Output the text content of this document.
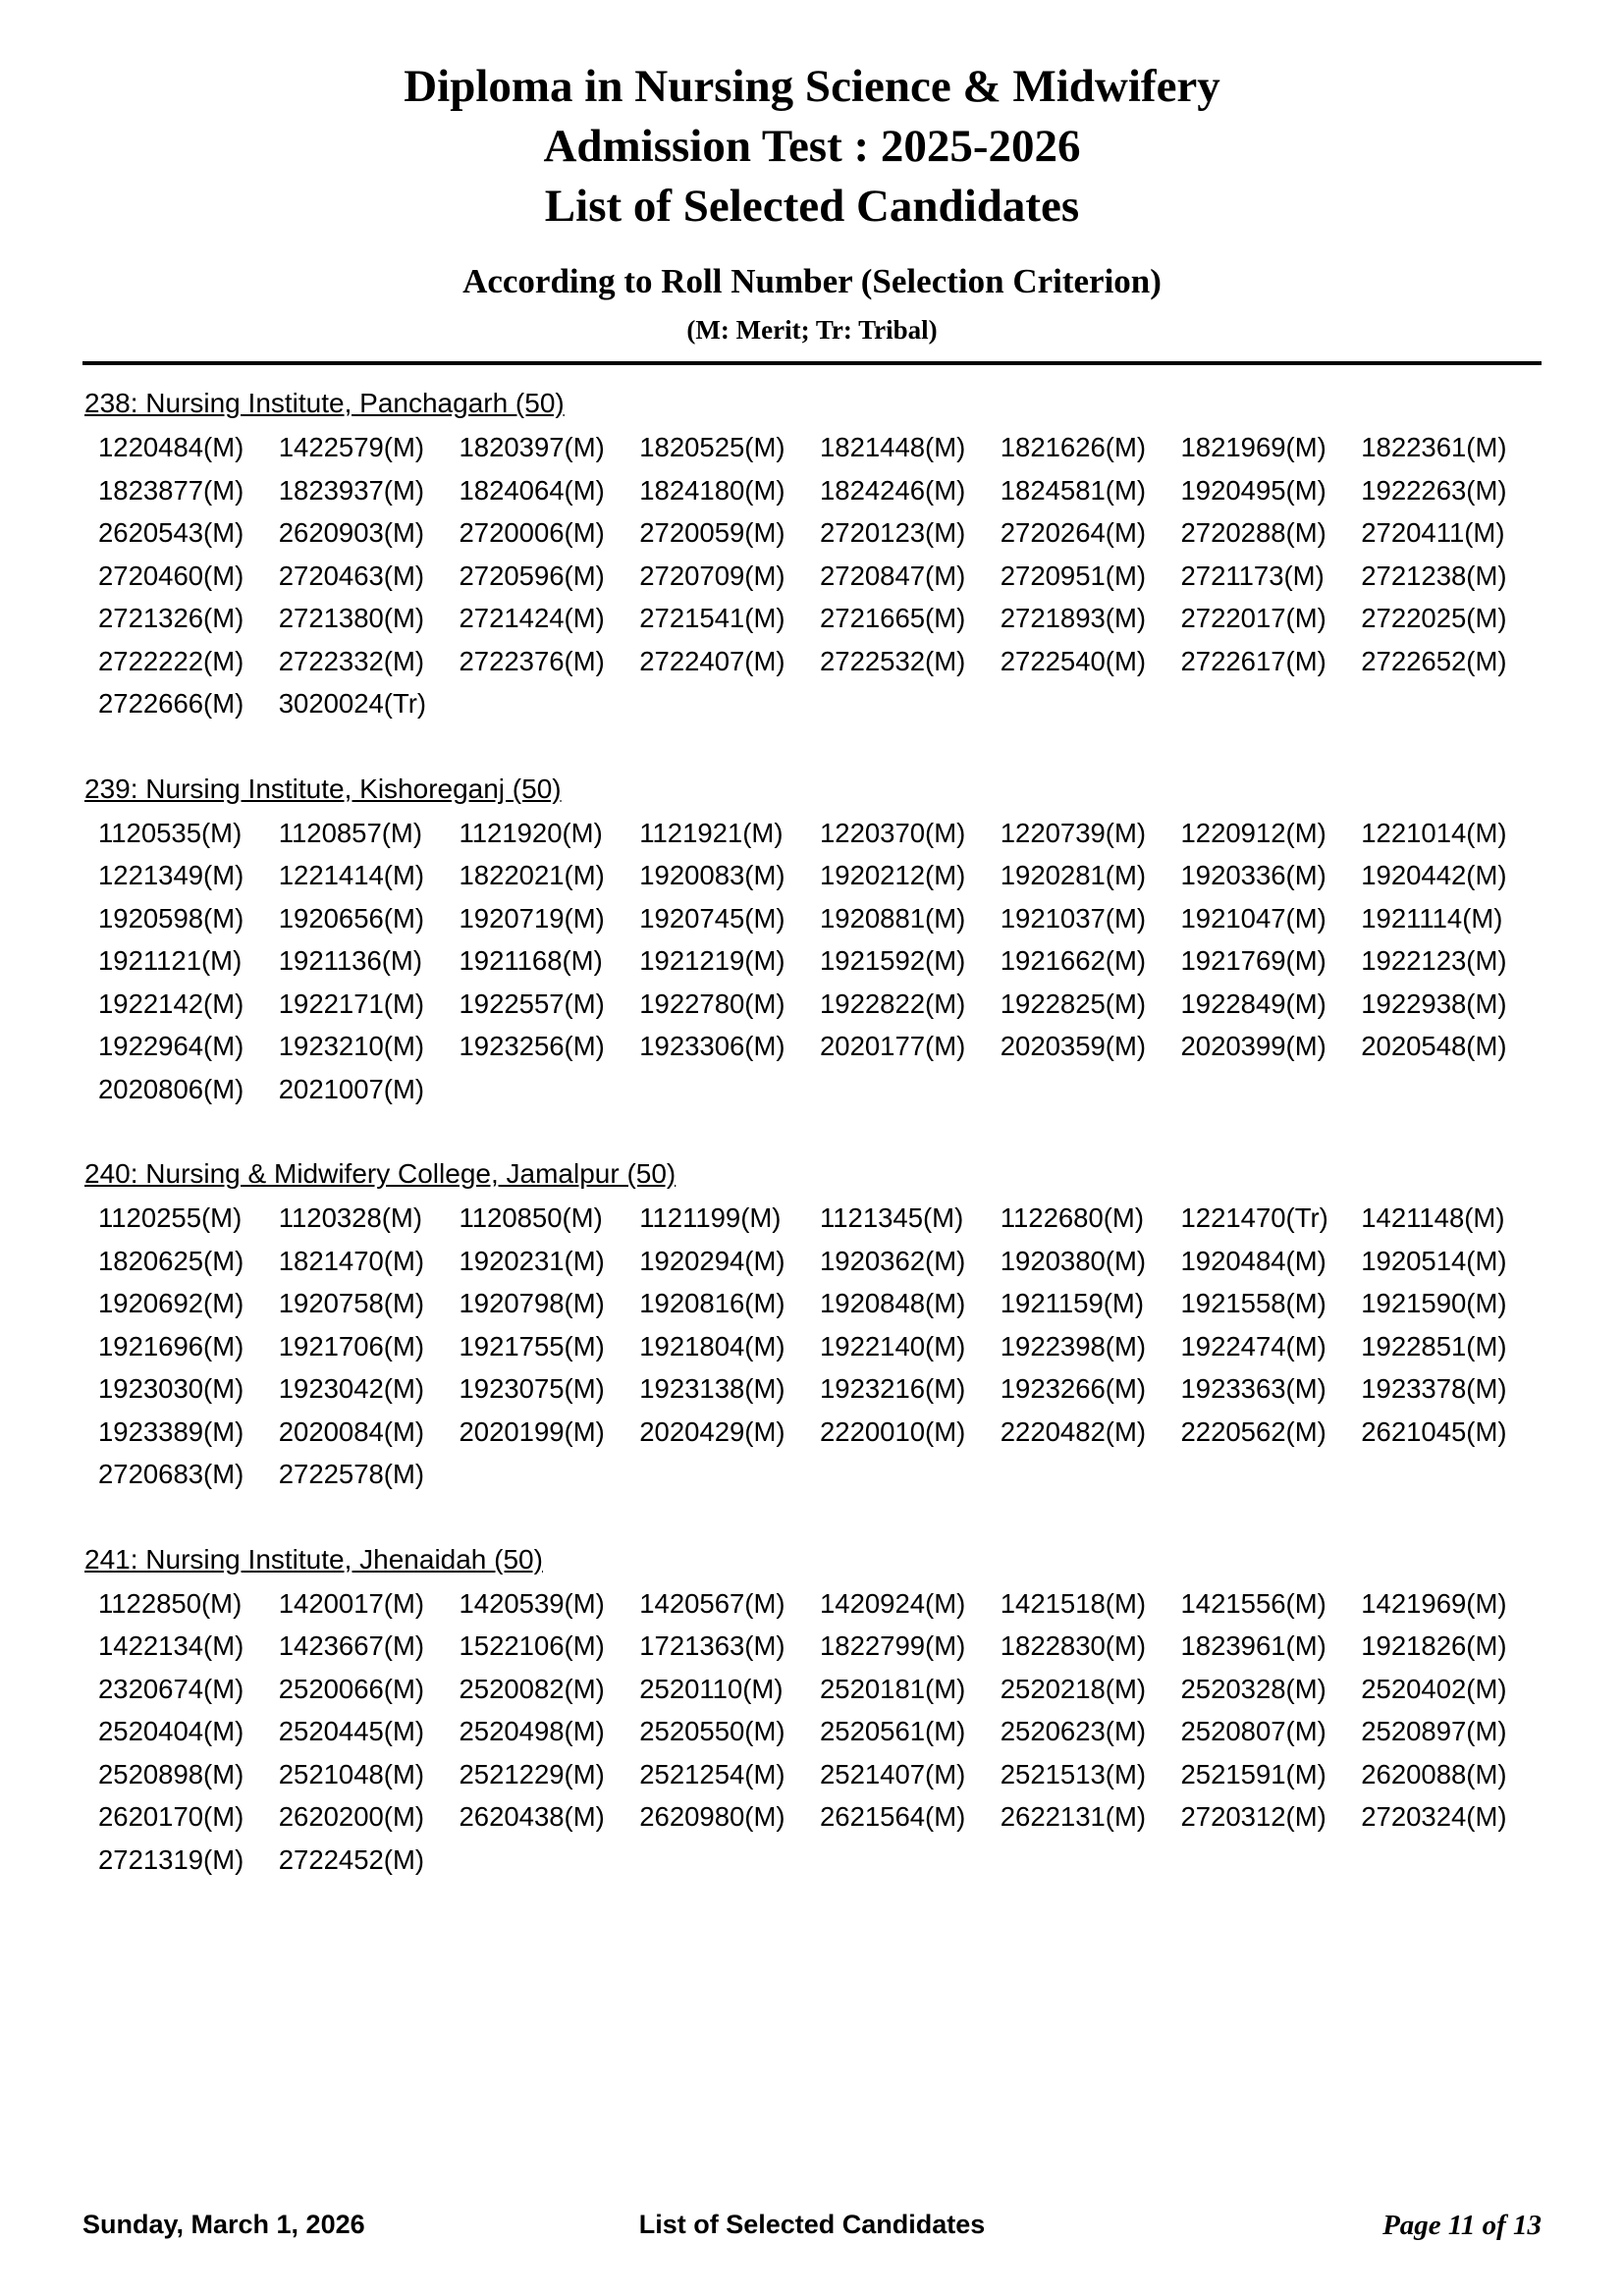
Diploma in Nursing Science & Midwifery
Admission Test : 2025-2026
List of Selected Candidates
According to Roll Number (Selection Criterion)
(M: Merit; Tr: Tribal)
238: Nursing Institute, Panchagarh (50)
1220484(M)	1422579(M)	1820397(M)	1820525(M)	1821448(M)	1821626(M)	1821969(M)	1822361(M)
1823877(M)	1823937(M)	1824064(M)	1824180(M)	1824246(M)	1824581(M)	1920495(M)	1922263(M)
2620543(M)	2620903(M)	2720006(M)	2720059(M)	2720123(M)	2720264(M)	2720288(M)	2720411(M)
2720460(M)	2720463(M)	2720596(M)	2720709(M)	2720847(M)	2720951(M)	2721173(M)	2721238(M)
2721326(M)	2721380(M)	2721424(M)	2721541(M)	2721665(M)	2721893(M)	2722017(M)	2722025(M)
2722222(M)	2722332(M)	2722376(M)	2722407(M)	2722532(M)	2722540(M)	2722617(M)	2722652(M)
2722666(M)	3020024(Tr)
239: Nursing Institute, Kishoreganj (50)
1120535(M)	1120857(M)	1121920(M)	1121921(M)	1220370(M)	1220739(M)	1220912(M)	1221014(M)
1221349(M)	1221414(M)	1822021(M)	1920083(M)	1920212(M)	1920281(M)	1920336(M)	1920442(M)
1920598(M)	1920656(M)	1920719(M)	1920745(M)	1920881(M)	1921037(M)	1921047(M)	1921114(M)
1921121(M)	1921136(M)	1921168(M)	1921219(M)	1921592(M)	1921662(M)	1921769(M)	1922123(M)
1922142(M)	1922171(M)	1922557(M)	1922780(M)	1922822(M)	1922825(M)	1922849(M)	1922938(M)
1922964(M)	1923210(M)	1923256(M)	1923306(M)	2020177(M)	2020359(M)	2020399(M)	2020548(M)
2020806(M)	2021007(M)
240: Nursing & Midwifery College, Jamalpur (50)
1120255(M)	1120328(M)	1120850(M)	1121199(M)	1121345(M)	1122680(M)	1221470(Tr)	1421148(M)
1820625(M)	1821470(M)	1920231(M)	1920294(M)	1920362(M)	1920380(M)	1920484(M)	1920514(M)
1920692(M)	1920758(M)	1920798(M)	1920816(M)	1920848(M)	1921159(M)	1921558(M)	1921590(M)
1921696(M)	1921706(M)	1921755(M)	1921804(M)	1922140(M)	1922398(M)	1922474(M)	1922851(M)
1923030(M)	1923042(M)	1923075(M)	1923138(M)	1923216(M)	1923266(M)	1923363(M)	1923378(M)
1923389(M)	2020084(M)	2020199(M)	2020429(M)	2220010(M)	2220482(M)	2220562(M)	2621045(M)
2720683(M)	2722578(M)
241: Nursing Institute, Jhenaidah (50)
1122850(M)	1420017(M)	1420539(M)	1420567(M)	1420924(M)	1421518(M)	1421556(M)	1421969(M)
1422134(M)	1423667(M)	1522106(M)	1721363(M)	1822799(M)	1822830(M)	1823961(M)	1921826(M)
2320674(M)	2520066(M)	2520082(M)	2520110(M)	2520181(M)	2520218(M)	2520328(M)	2520402(M)
2520404(M)	2520445(M)	2520498(M)	2520550(M)	2520561(M)	2520623(M)	2520807(M)	2520897(M)
2520898(M)	2521048(M)	2521229(M)	2521254(M)	2521407(M)	2521513(M)	2521591(M)	2620088(M)
2620170(M)	2620200(M)	2620438(M)	2620980(M)	2621564(M)	2622131(M)	2720312(M)	2720324(M)
2721319(M)	2722452(M)
Sunday, March 1, 2026	List of Selected Candidates	Page 11 of 13
